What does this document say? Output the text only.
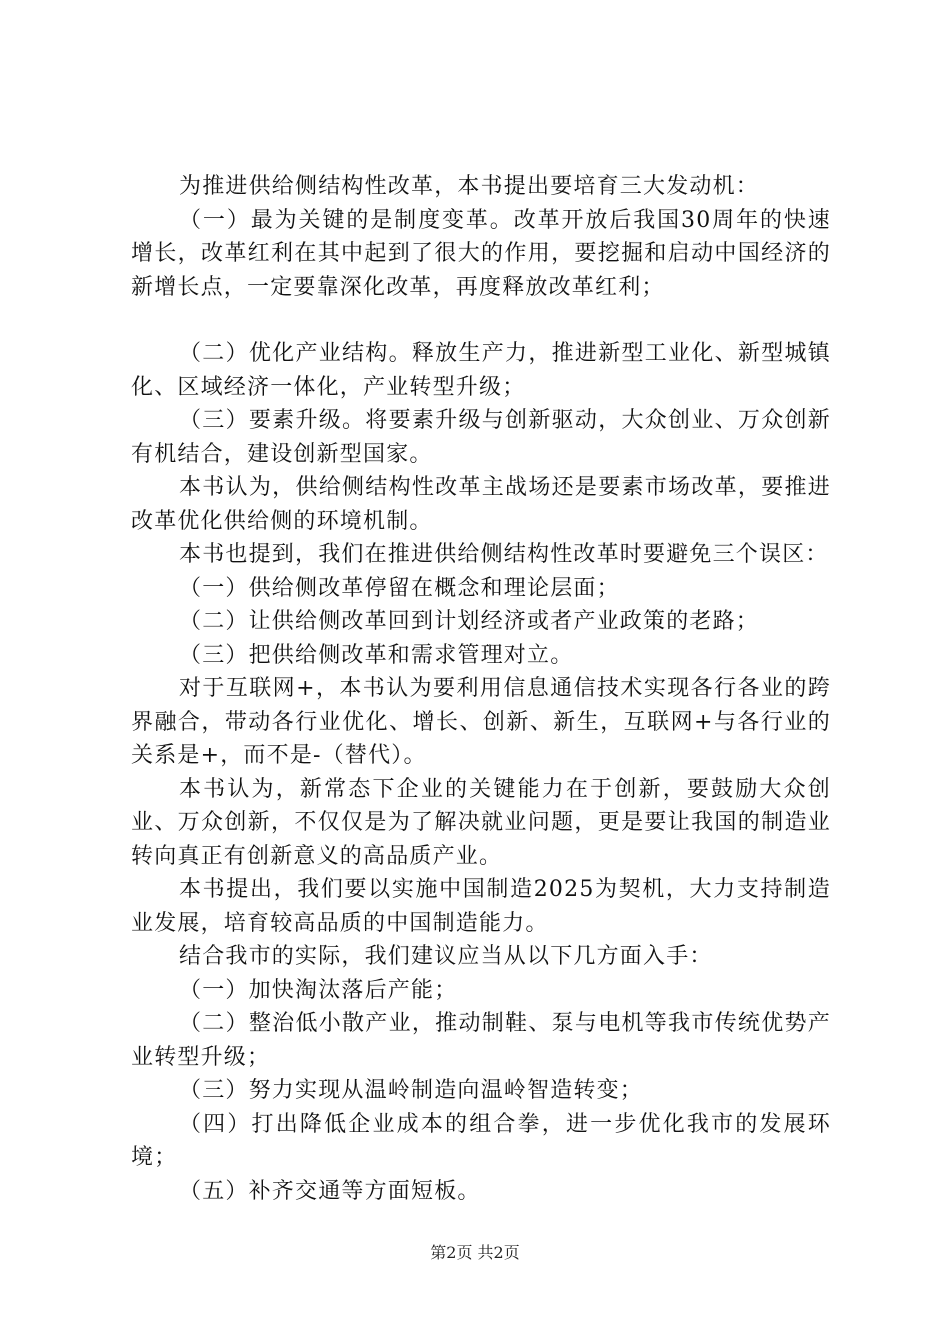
为推进供给侧结构性改革，本书提出要培育三大发动机：

（一）最为关键的是制度变革。改革开放后我国30周年的快速增长，改革红利在其中起到了很大的作用，要挖掘和启动中国经济的新增长点，一定要靠深化改革，再度释放改革红利；

（二）优化产业结构。释放生产力，推进新型工业化、新型城镇化、区域经济一体化，产业转型升级；

（三）要素升级。将要素升级与创新驱动，大众创业、万众创新有机结合，建设创新型国家。

本书认为，供给侧结构性改革主战场还是要素市场改革，要推进改革优化供给侧的环境机制。

本书也提到，我们在推进供给侧结构性改革时要避免三个误区：

（一）供给侧改革停留在概念和理论层面；

（二）让供给侧改革回到计划经济或者产业政策的老路；

（三）把供给侧改革和需求管理对立。

对于互联网+，本书认为要利用信息通信技术实现各行各业的跨界融合，带动各行业优化、增长、创新、新生，互联网+与各行业的关系是+，而不是-（替代）。

本书认为，新常态下企业的关键能力在于创新，要鼓励大众创业、万众创新，不仅仅是为了解决就业问题，更是要让我国的制造业转向真正有创新意义的高品质产业。

本书提出，我们要以实施中国制造2025为契机，大力支持制造业发展，培育较高品质的中国制造能力。

结合我市的实际，我们建议应当从以下几方面入手：

（一）加快淘汰落后产能；

（二）整治低小散产业，推动制鞋、泵与电机等我市传统优势产业转型升级；

（三）努力实现从温岭制造向温岭智造转变；

（四）打出降低企业成本的组合拳，进一步优化我市的发展环境；

（五）补齐交通等方面短板。

第2页 共2页
